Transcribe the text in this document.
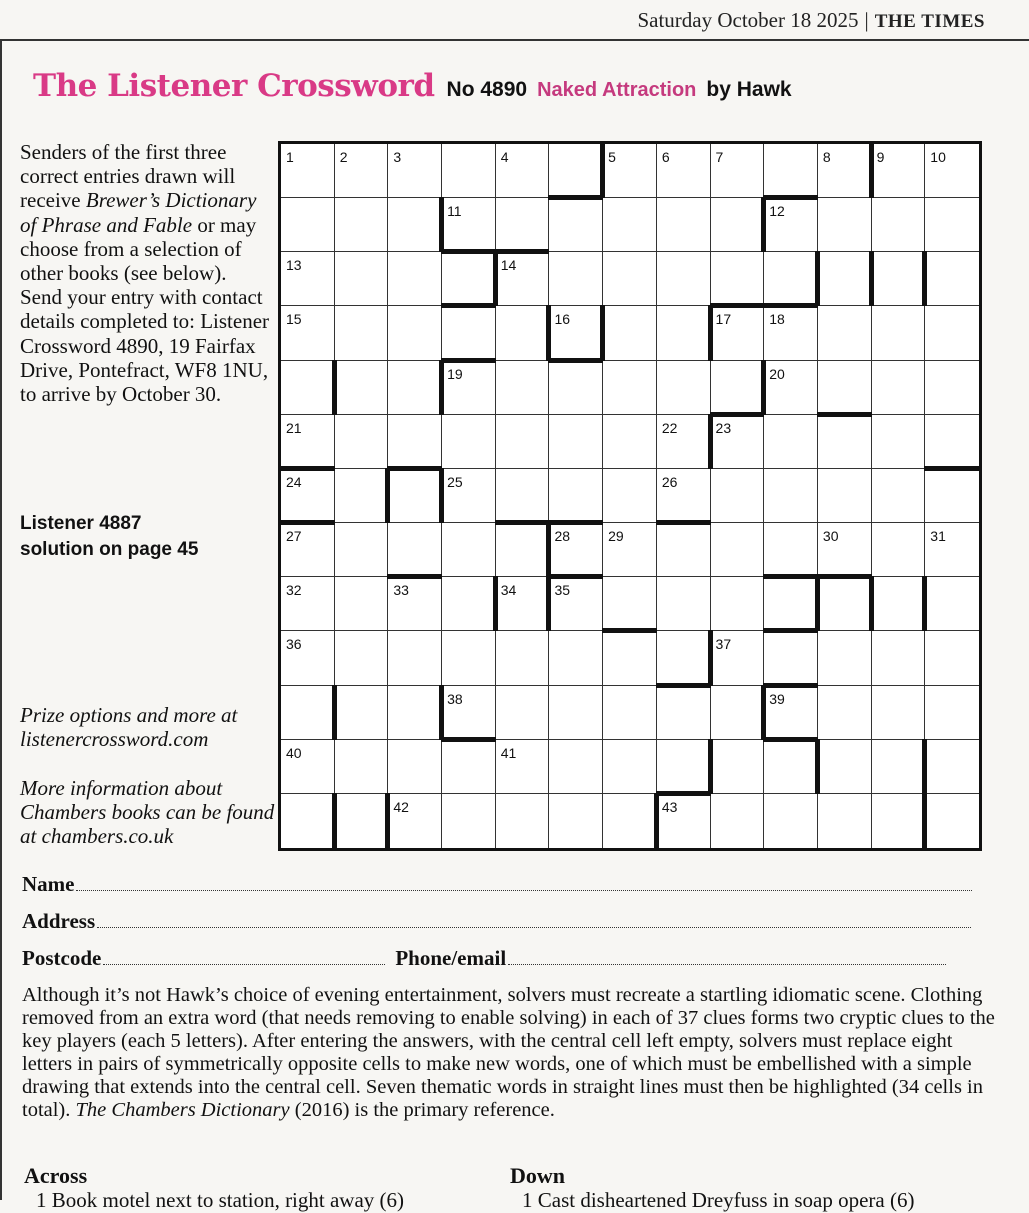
Saturday October 18 2025 | THE TIMES
The Listener Crossword No 4890 Naked Attraction by Hawk
Senders of the first three correct entries drawn will receive Brewer’s Dictionary of Phrase and Fable or may choose from a selection of other books (see below). Send your entry with contact details completed to: Listener Crossword 4890, 19 Fairfax Drive, Pontefract, WF8 1NU, to arrive by October 30.
Listener 4887 solution on page 45
Prize options and more at listenercrossword.com
More information about Chambers books can be found at chambers.co.uk
1	2	3	4	5	6	7	8	9	10
11	12
13	14
15	16	17	18
19	20
21	22	23
24	25	26
27	28	29	30	31
32	33	34	35
36	37
38	39
40	41
42	43
Name
Address
Postcode	Phone/email
Although it’s not Hawk’s choice of evening entertainment, solvers must recreate a startling idiomatic scene. Clothing removed from an extra word (that needs removing to enable solving) in each of 37 clues forms two cryptic clues to the key players (each 5 letters). After entering the answers, with the central cell left empty, solvers must replace eight letters in pairs of symmetrically opposite cells to make new words, one of which must be embellished with a simple drawing that extends into the central cell. Seven thematic words in straight lines must then be highlighted (34 cells in total). The Chambers Dictionary (2016) is the primary reference.
Across	Down
1 Book motel next to station, right away (6)	1 Cast disheartened Dreyfuss in soap opera (6)
